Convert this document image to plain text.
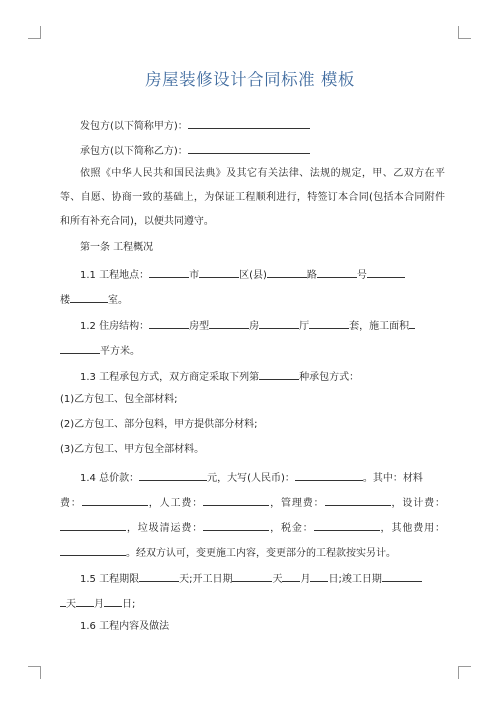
房屋装修设计合同标准 模板
发包方(以下简称甲方)：
承包方(以下简称乙方)：
依照《中华人民共和国民法典》及其它有关法律、法规的规定，甲、乙双方在平
等、自愿、协商一致的基础上，为保证工程顺利进行，特签订本合同(包括本合同附件
和所有补充合同)，以便共同遵守。
第一条 工程概况
1.1 工程地点：	市	区(县)	路	号
楼	室。
1.2 住房结构：	房型	房	厅	套，施工面积
平方米。
1.3 工程承包方式，双方商定采取下列第	种承包方式：
(1)乙方包工、包全部材料;
(2)乙方包工、部分包料，甲方提供部分材料;
(3)乙方包工、甲方包全部材料。
1.4 总价款：	元，大写(人民币)：	。其中：材料
费：	，人工费：	，管理费：	，设计费：
，垃圾清运费：	，税金：	，其他费用：
。经双方认可，变更施工内容，变更部分的工程款按实另计。
1.5 工程期限	天;开工日期	天 月 日;竣工日期
天 月 日;
1.6 工程内容及做法
